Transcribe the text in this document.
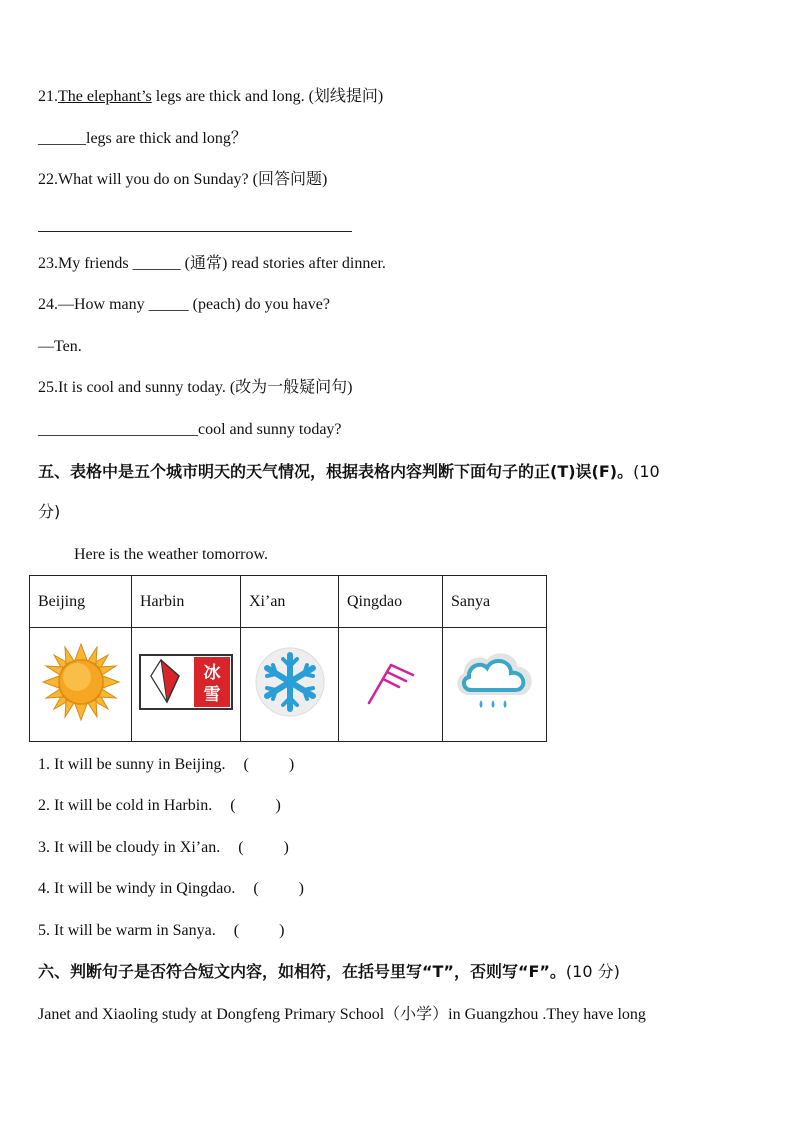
21.The elephant’s legs are thick and long. (划线提问)
______legs are thick and long？
22.What will you do on Sunday? (回答问题)
23.My friends ______ (通常) read stories after dinner.
24.—How many _____ (peach) do you have?
—Ten.
25.It is cool and sunny today. (改为一般疑问句)
____________________cool and sunny today?
五、表格中是五个城市明天的天气情况，根据表格内容判断下面句子的正(T)误(F)。(10
分)
Here is the weather tomorrow.
Beijing	Harbin	Xi’an	Qingdao	Sanya

冰
雪

1. It will be sunny in Beijing. (          )
2. It will be cold in Harbin. (          )
3. It will be cloudy in Xi’an. (          )
4. It will be windy in Qingdao. (          )
5. It will be warm in Sanya. (          )
六、判断句子是否符合短文内容，如相符，在括号里写“T”，否则写“F”。(10 分)
Janet and Xiaoling study at Dongfeng Primary School（小学）in Guangzhou .They have long
